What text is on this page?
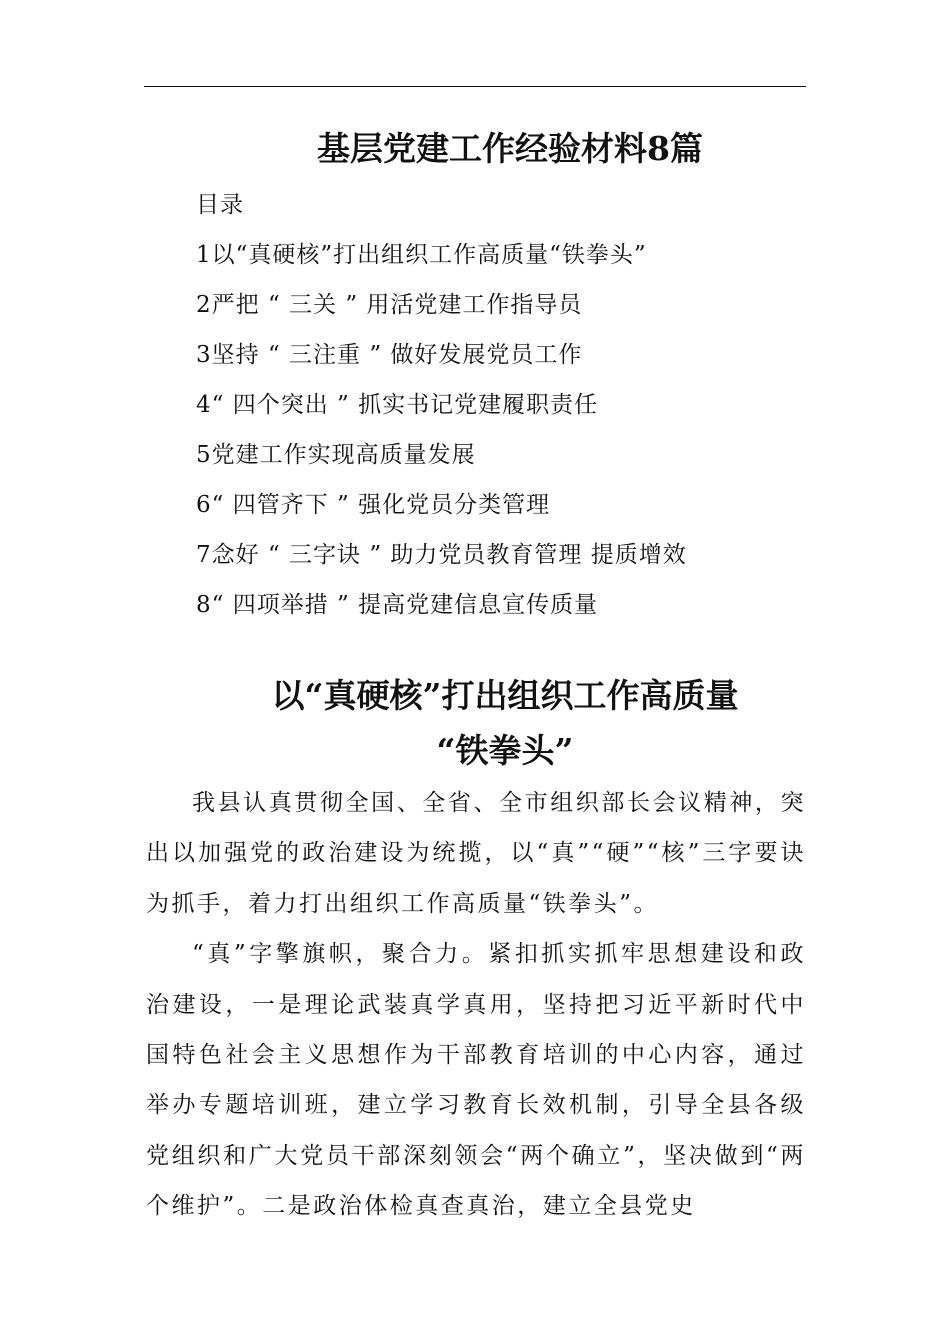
基层党建工作经验材料8篇
目录
1以“真硬核”打出组织工作高质量“铁拳头”
2严把 “ 三关 ” 用活党建工作指导员
3坚持 “ 三注重 ” 做好发展党员工作
4“ 四个突出 ” 抓实书记党建履职责任
5党建工作实现高质量发展
6“ 四管齐下 ” 强化党员分类管理
7念好 “ 三字诀 ” 助力党员教育管理 提质增效
8“ 四项举措 ” 提高党建信息宣传质量
以“真硬核”打出组织工作高质量
“铁拳头”

我县认真贯彻全国、全省、全市组织部长会议精神，突出以加强党的政治建设为统揽，以“真”“硬”“核”三字要诀为抓手，着力打出组织工作高质量“铁拳头”。

“真”字擎旗帜，聚合力。紧扣抓实抓牢思想建设和政治建设，一是理论武装真学真用，坚持把习近平新时代中国特色社会主义思想作为干部教育培训的中心内容，通过举办专题培训班，建立学习教育长效机制，引导全县各级党组织和广大党员干部深刻领会“两个确立”，坚决做到“两个维护”。二是政治体检真查真治，建立全县党史
